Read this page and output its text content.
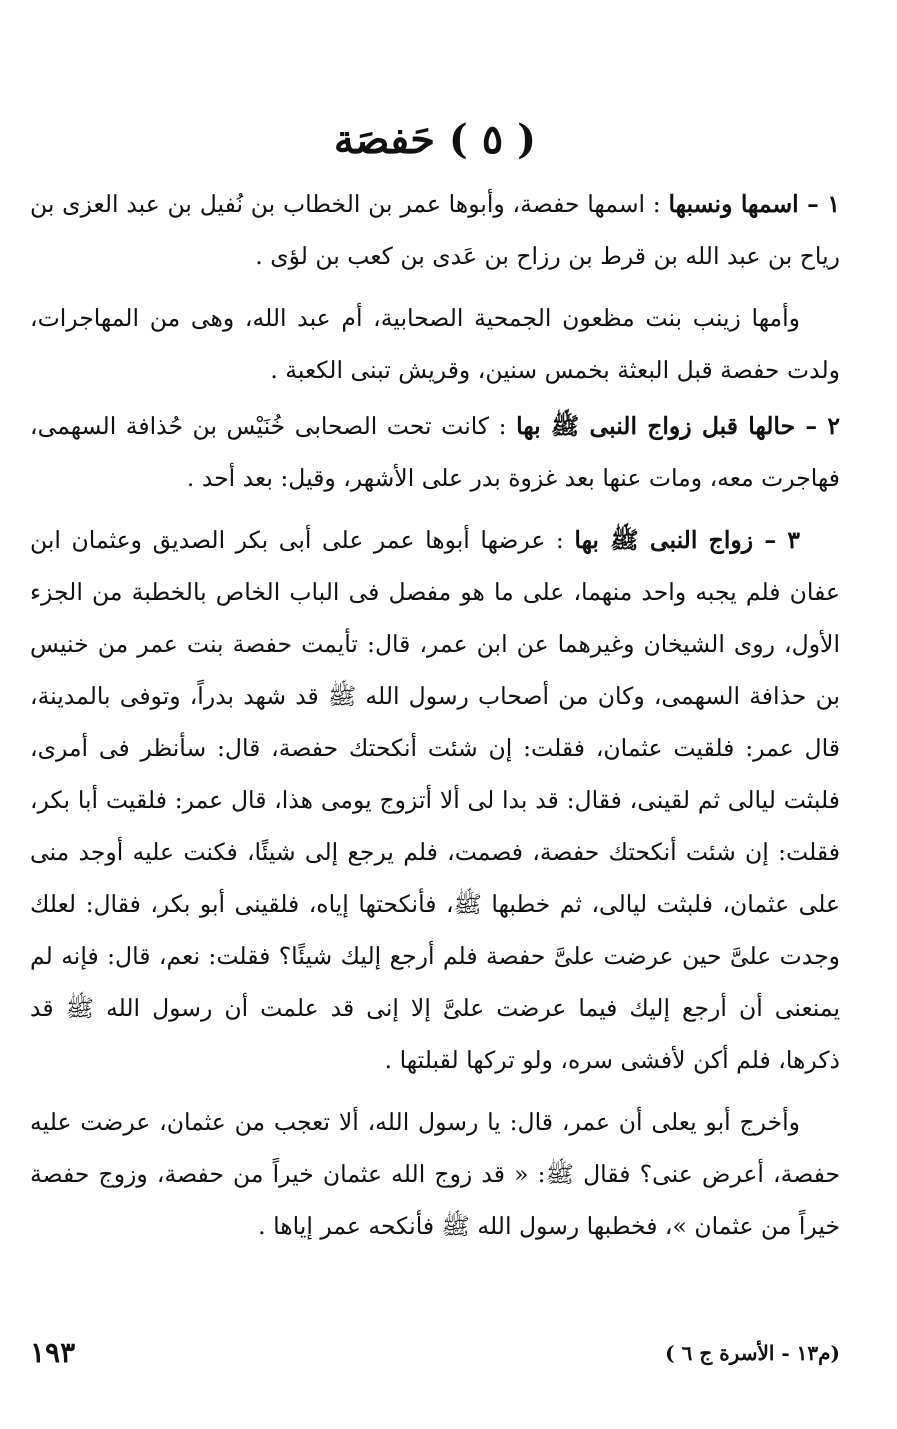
( ٥ ) حَفصَة

١ – اسمها ونسبها : اسمها حفصة، وأبوها عمر بن الخطاب بن نُفيل بن عبد العزى بن رياح بن عبد الله بن قرط بن رزاح بن عَدى بن كعب بن لؤى .

وأمها زينب بنت مظعون الجمحية الصحابية، أم عبد الله، وهى من المهاجرات، ولدت حفصة قبل البعثة بخمس سنين، وقريش تبنى الكعبة .

٢ – حالها قبل زواج النبى ﷺ بها : كانت تحت الصحابى خُنَيْس بن حُذافة السهمى، فهاجرت معه، ومات عنها بعد غزوة بدر على الأشهر، وقيل: بعد أحد .

٣ – زواج النبى ﷺ بها : عرضها أبوها عمر على أبى بكر الصديق وعثمان ابن عفان فلم يجبه واحد منهما، على ما هو مفصل فى الباب الخاص بالخطبة من الجزء الأول، روى الشيخان وغيرهما عن ابن عمر، قال: تأيمت حفصة بنت عمر من خنيس بن حذافة السهمى، وكان من أصحاب رسول الله ﷺ قد شهد بدراً، وتوفى بالمدينة، قال عمر: فلقيت عثمان، فقلت: إن شئت أنكحتك حفصة، قال: سأنظر فى أمرى، فلبثت ليالى ثم لقينى، فقال: قد بدا لى ألا أتزوج يومى هذا، قال عمر: فلقيت أبا بكر، فقلت: إن شئت أنكحتك حفصة، فصمت، فلم يرجع إلى شيئًا، فكنت عليه أوجد منى على عثمان، فلبثت ليالى، ثم خطبها ﷺ، فأنكحتها إياه، فلقينى أبو بكر، فقال: لعلك وجدت علىَّ حين عرضت علىَّ حفصة فلم أرجع إليك شيئًا؟ فقلت: نعم، قال: فإنه لم يمنعنى أن أرجع إليك فيما عرضت علىَّ إلا إنى قد علمت أن رسول الله ﷺ قد ذكرها، فلم أكن لأفشى سره، ولو تركها لقبلتها .

وأخرج أبو يعلى أن عمر، قال: يا رسول الله، ألا تعجب من عثمان، عرضت عليه حفصة، أعرض عنى؟ فقال ﷺ: « قد زوج الله عثمان خيراً من حفصة، وزوج حفصة خيراً من عثمان »، فخطبها رسول الله ﷺ فأنكحه عمر إياها .

(م١٣ - الأسرة ج ٦ )
١٩٣
